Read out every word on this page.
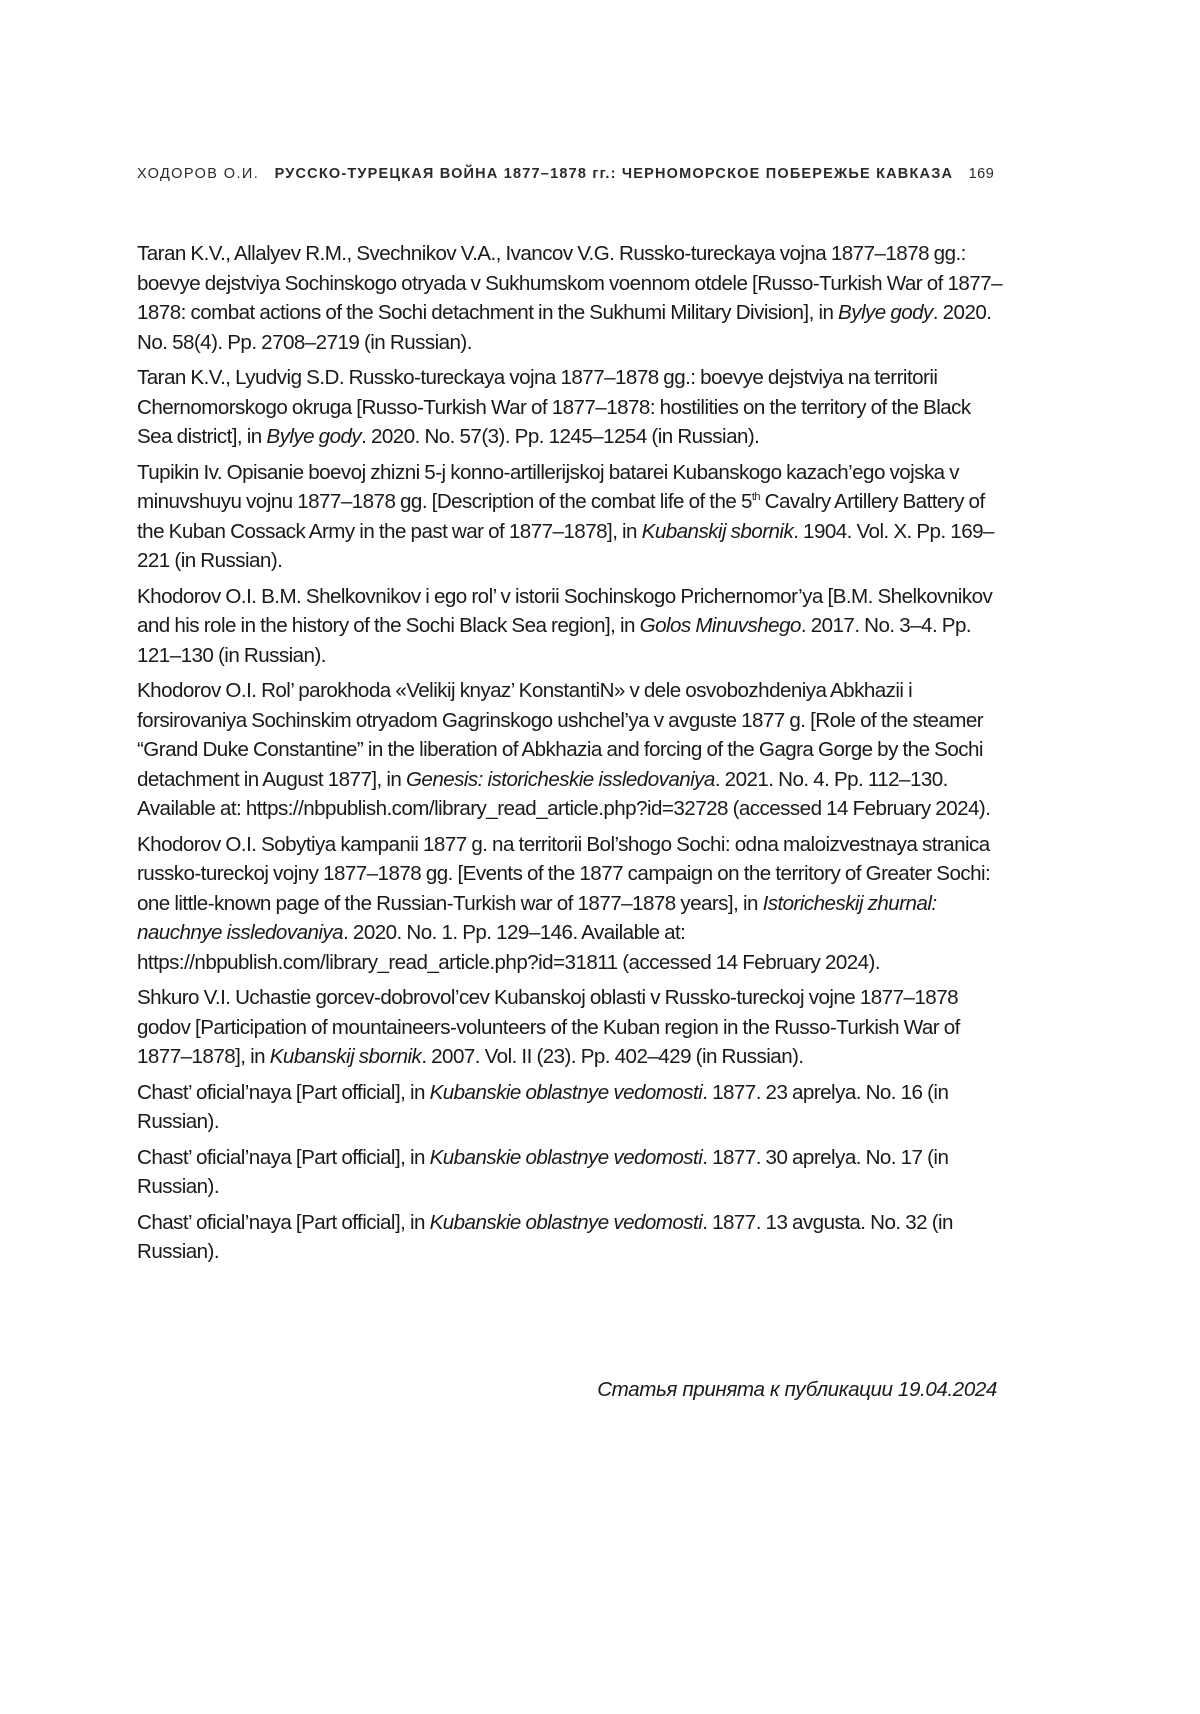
ХОДОРОВ О.И. РУССКО-ТУРЕЦКАЯ ВОЙНА 1877–1878 гг.: ЧЕРНОМОРСКОЕ ПОБЕРЕЖЬЕ КАВКАЗА 169

Taran K.V., Allalyev R.M., Svechnikov V.A., Ivancov V.G. Russko-tureckaya vojna 1877–1878 gg.: boevye dejstviya Sochinskogo otryada v Sukhumskom voennom otdele [Russo-Turkish War of 1877–1878: combat actions of the Sochi detachment in the Sukhumi Military Division], in Bylye gody. 2020. No. 58(4). Pp. 2708–2719 (in Russian).

Taran K.V., Lyudvig S.D. Russko-tureckaya vojna 1877–1878 gg.: boevye dejstviya na territorii Chernomorskogo okruga [Russo-Turkish War of 1877–1878: hostilities on the territory of the Black Sea district], in Bylye gody. 2020. No. 57(3). Pp. 1245–1254 (in Russian).

Tupikin Iv. Opisanie boevoj zhizni 5-j konno-artillerijskoj batarei Kubanskogo kazach’ego vojska v minuvshuyu vojnu 1877–1878 gg. [Description of the combat life of the 5th Cavalry Artillery Battery of the Kuban Cossack Army in the past war of 1877–1878], in Kubanskij sbornik. 1904. Vol. X. Pp. 169–221 (in Russian).

Khodorov O.I. B.M. Shelkovnikov i ego rol’ v istorii Sochinskogo Prichernomor’ya [B.M. Shelkovnikov and his role in the history of the Sochi Black Sea region], in Golos Minuvshego. 2017. No. 3–4. Pp. 121–130 (in Russian).

Khodorov O.I. Rol’ parokhoda «Velikij knyaz’ KonstantiN» v dele osvobozhdeniya Abkhazii i forsirovaniya Sochinskim otryadom Gagrinskogo ushchel’ya v avguste 1877 g. [Role of the steamer “Grand Duke Constantine” in the liberation of Abkhazia and forcing of the Gagra Gorge by the Sochi detachment in August 1877], in Genesis: istoricheskie issledovaniya. 2021. No. 4. Pp. 112–130. Available at: https://nbpublish.com/library_read_article.php?id=32728 (accessed 14 February 2024).

Khodorov O.I. Sobytiya kampanii 1877 g. na territorii Bol’shogo Sochi: odna maloizvestnaya stranica russko-tureckoj vojny 1877–1878 gg. [Events of the 1877 campaign on the territory of Greater Sochi: one little-known page of the Russian-Turkish war of 1877–1878 years], in Istoricheskij zhurnal: nauchnye issledovaniya. 2020. No. 1. Pp. 129–146. Available at: https://nbpublish.com/library_read_article.php?id=31811 (accessed 14 February 2024).

Shkuro V.I. Uchastie gorcev-dobrovol’cev Kubanskoj oblasti v Russko-tureckoj vojne 1877–1878 godov [Participation of mountaineers-volunteers of the Kuban region in the Russo-Turkish War of 1877–1878], in Kubanskij sbornik. 2007. Vol. II (23). Pp. 402–429 (in Russian).

Chast’ oficial’naya [Part official], in Kubanskie oblastnye vedomosti. 1877. 23 aprelya. No. 16 (in Russian).

Chast’ oficial’naya [Part official], in Kubanskie oblastnye vedomosti. 1877. 30 aprelya. No. 17 (in Russian).

Chast’ oficial’naya [Part official], in Kubanskie oblastnye vedomosti. 1877. 13 avgusta. No. 32 (in Russian).

Статья принята к публикации 19.04.2024
